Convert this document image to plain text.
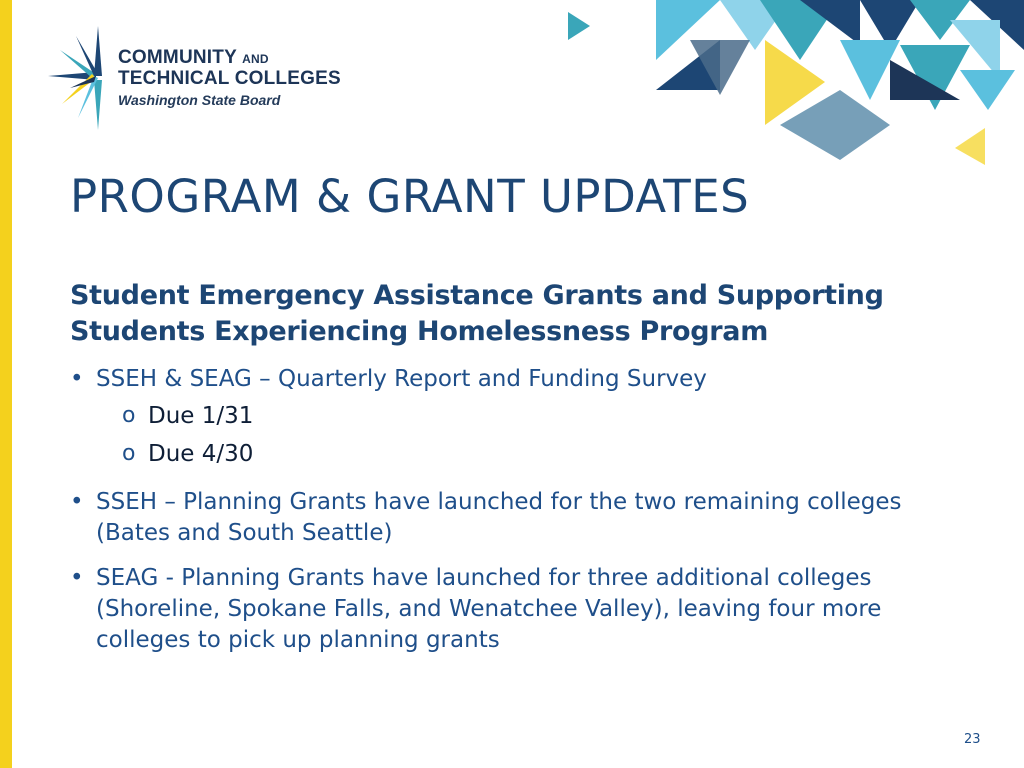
COMMUNITY AND
TECHNICAL COLLEGES
Washington State Board
PROGRAM & GRANT UPDATES
Student Emergency Assistance Grants and Supporting
Students Experiencing Homelessness Program
• SSEH & SEAG – Quarterly Report and Funding Survey
o Due 1/31
o Due 4/30
• SSEH – Planning Grants have launched for the two remaining colleges (Bates and South Seattle)
• SEAG - Planning Grants have launched for three additional colleges (Shoreline, Spokane Falls, and Wenatchee Valley), leaving four more colleges to pick up planning grants
23
